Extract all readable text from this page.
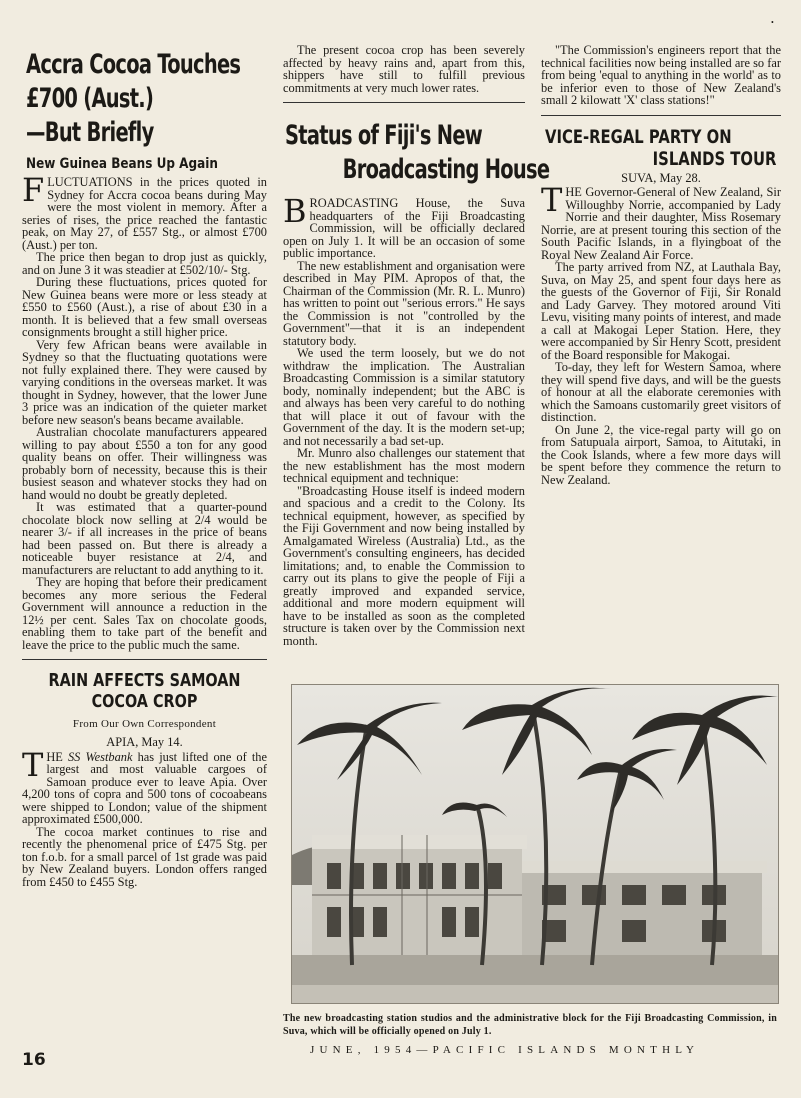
•
Accra Cocoa Touches
£700 (Aust.)
—But Briefly
New Guinea Beans Up Again

FLUCTUATIONS in the prices quoted in Sydney for Accra cocoa beans during May were the most violent in memory. After a series of rises, the price reached the fantastic peak, on May 27, of £557 Stg., or almost £700 (Aust.) per ton.

The price then began to drop just as quickly, and on June 3 it was steadier at £502/10/- Stg.

During these fluctuations, prices quoted for New Guinea beans were more or less steady at £550 to £560 (Aust.), a rise of about £30 in a month. It is believed that a few small overseas consignments brought a still higher price.

Very few African beans were available in Sydney so that the fluctuating quotations were not fully explained there. They were caused by varying conditions in the overseas market. It was thought in Sydney, however, that the lower June 3 price was an indication of the quieter market before new season's beans became available.

Australian chocolate manufacturers appeared willing to pay about £550 a ton for any good quality beans on offer. Their willingness was probably born of necessity, because this is their busiest season and whatever stocks they had on hand would no doubt be greatly depleted.

It was estimated that a quarter-pound chocolate block now selling at 2/4 would be nearer 3/- if all increases in the price of beans had been passed on. But there is already a noticeable buyer resistance at 2/4, and manufacturers are reluctant to add anything to it.

They are hoping that before their predicament becomes any more serious the Federal Government will announce a reduction in the 12½ per cent. Sales Tax on chocolate goods, enabling them to take part of the benefit and leave the price to the public much the same.

RAIN AFFECTS SAMOAN
COCOA CROP
From Our Own Correspondent
APIA, May 14.

THE SS Westbank has just lifted one of the largest and most valuable cargoes of Samoan produce ever to leave Apia. Over 4,200 tons of copra and 500 tons of cocoabeans were shipped to London; value of the shipment approximated £500,000.

The cocoa market continues to rise and recently the phenomenal price of £475 Stg. per ton f.o.b. for a small parcel of 1st grade was paid by New Zealand buyers. London offers ranged from £450 to £455 Stg.

The present cocoa crop has been severely affected by heavy rains and, apart from this, shippers have still to fulfill previous commitments at very much lower rates.

Status of Fiji's New
Broadcasting House

BROADCASTING House, the Suva headquarters of the Fiji Broadcasting Commission, will be officially declared open on July 1. It will be an occasion of some public importance.

The new establishment and organisation were described in May PIM. Apropos of that, the Chairman of the Commission (Mr. R. L. Munro) has written to point out "serious errors." He says the Commission is not "controlled by the Government"—that it is an independent statutory body.

We used the term loosely, but we do not withdraw the implication. The Australian Broadcasting Commission is a similar statutory body, nominally independent; but the ABC is and always has been very careful to do nothing that will place it out of favour with the Government of the day. It is the modern set-up; and not necessarily a bad set-up.

Mr. Munro also challenges our statement that the new establishment has the most modern technical equipment and technique:

"Broadcasting House itself is indeed modern and spacious and a credit to the Colony. Its technical equipment, however, as specified by the Fiji Government and now being installed by Amalgamated Wireless (Australia) Ltd., as the Government's consulting engineers, has decided limitations; and, to enable the Commission to carry out its plans to give the people of Fiji a greatly improved and expanded service, additional and more modern equipment will have to be installed as soon as the completed structure is taken over by the Commission next month.

"The Commission's engineers report that the technical facilities now being installed are so far from being 'equal to anything in the world' as to be inferior even to those of New Zealand's small 2 kilowatt 'X' class stations!"

VICE-REGAL PARTY ON
ISLANDS TOUR
SUVA, May 28.

THE Governor-General of New Zealand, Sir Willoughby Norrie, accompanied by Lady Norrie and their daughter, Miss Rosemary Norrie, are at present touring this section of the South Pacific Islands, in a flyingboat of the Royal New Zealand Air Force.

The party arrived from NZ, at Lauthala Bay, Suva, on May 25, and spent four days here as the guests of the Governor of Fiji, Sir Ronald and Lady Garvey. They motored around Viti Levu, visiting many points of interest, and made a call at Makogai Leper Station. Here, they were accompanied by Sir Henry Scott, president of the Board responsible for Makogai.

To-day, they left for Western Samoa, where they will spend five days, and will be the guests of honour at all the elaborate ceremonies with which the Samoans customarily greet visitors of distinction.

On June 2, the vice-regal party will go on from Satupuala airport, Samoa, to Aitutaki, in the Cook Islands, where a few more days will be spent before they commence the return to New Zealand.

The new broadcasting station studios and the administrative block for the Fiji Broadcasting Commission, in Suva, which will be officially opened on July 1.
JUNE, 1954—PACIFIC ISLANDS MONTHLY
16
